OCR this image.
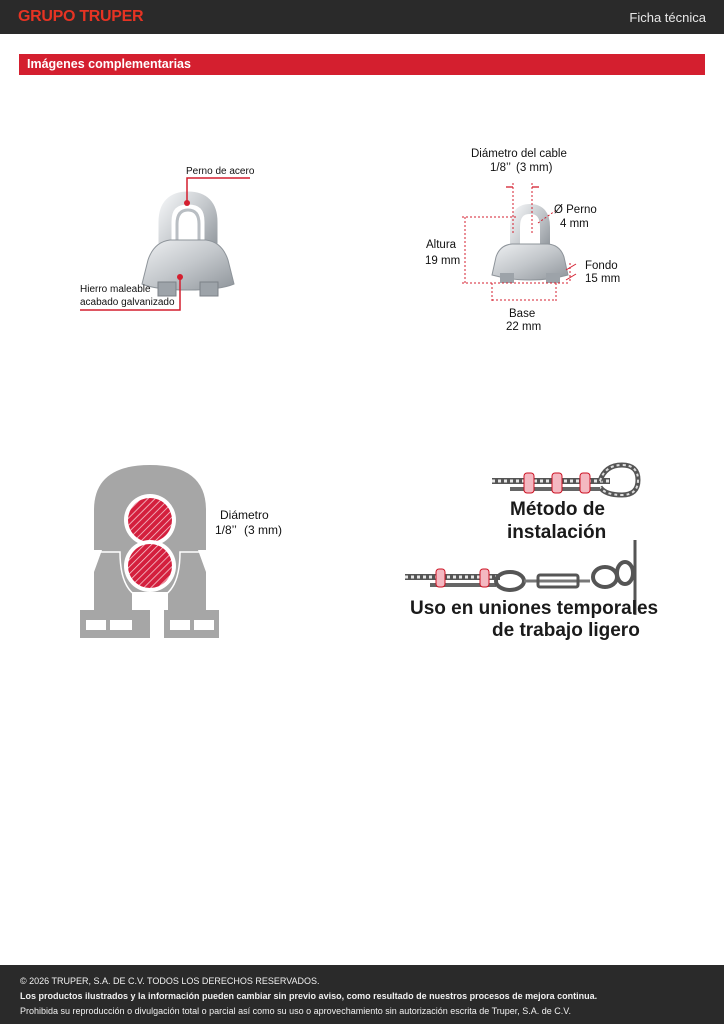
GRUPO TRUPER	Ficha técnica
Imágenes complementarias
Perno de acero
Hierro maleable
acabado galvanizado
Diámetro del cable
1/8’’ (3 mm)
Ø Perno
4 mm
Altura
19 mm	Fondo
15 mm
Base
22 mm
Diámetro
1/8’’ (3 mm)
Método de
instalación
Uso en uniones temporales
de trabajo ligero
© 2026 TRUPER, S.A. DE C.V. TODOS LOS DERECHOS RESERVADOS.
Los productos ilustrados y la información pueden cambiar sin previo aviso, como resultado de nuestros procesos de mejora continua.
Prohibida su reproducción o divulgación total o parcial así como su uso o aprovechamiento sin autorización escrita de Truper, S.A. de C.V.
